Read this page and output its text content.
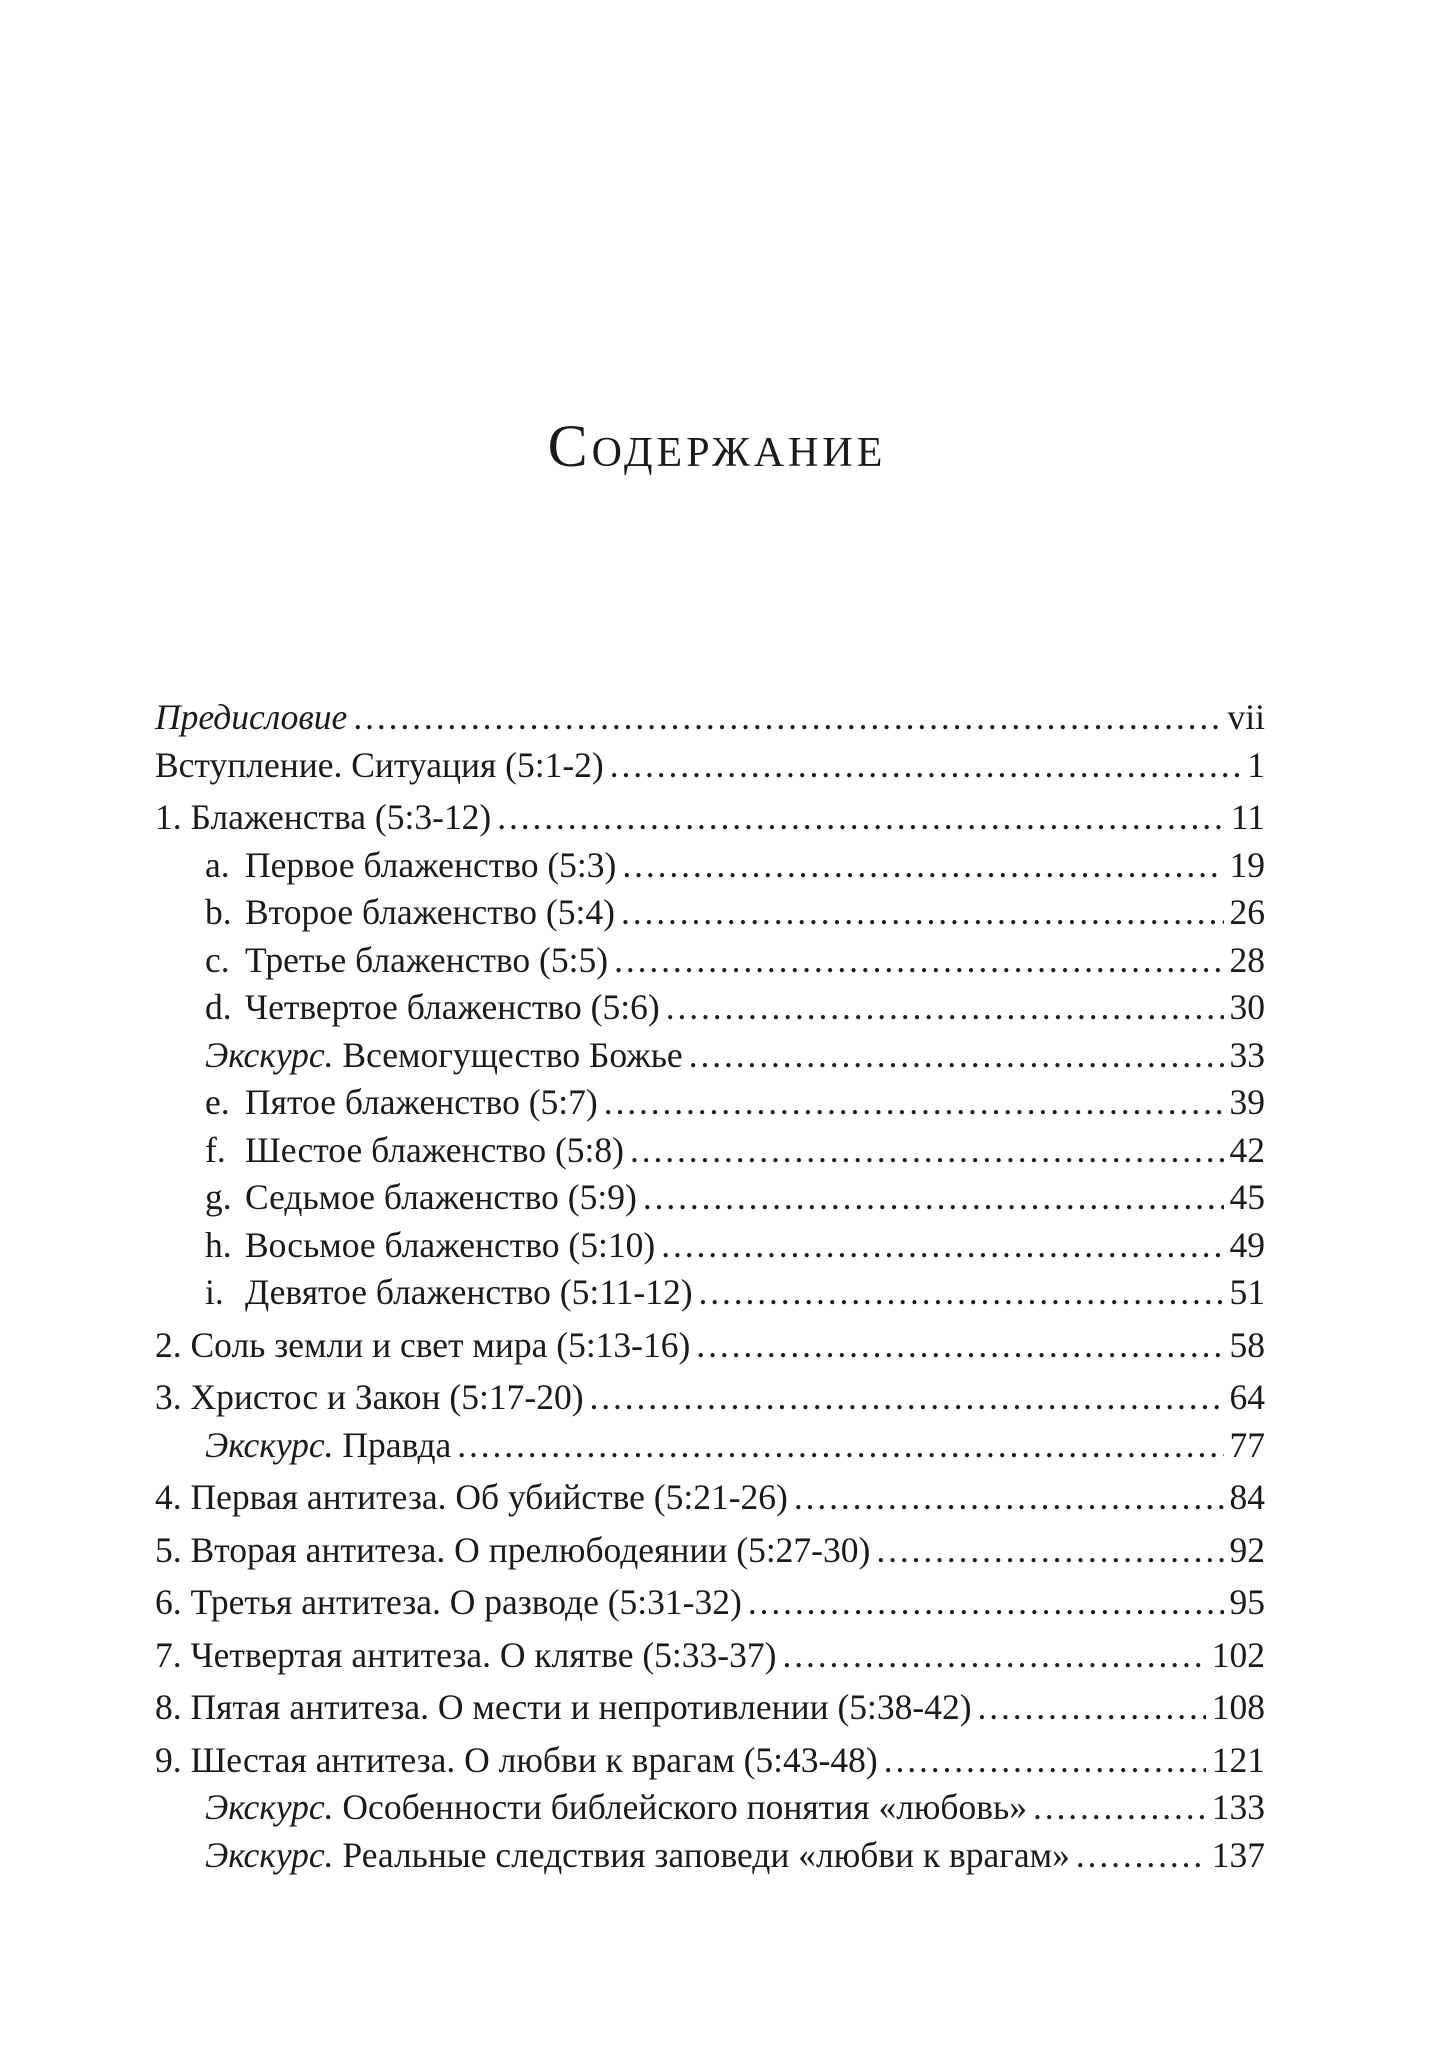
Содержание
Предисловие . . .	vii
Вступление. Ситуация (5:1-2) . . .	1
1. Блаженства (5:3-12) . . .	11
a. Первое блаженство (5:3) . . .	19
b. Второе блаженство (5:4) . . .	26
c. Третье блаженство (5:5) . . .	28
d. Четвертое блаженство (5:6) . . .	30
Экскурс. Всемогущество Божье . . .	33
e. Пятое блаженство (5:7) . . .	39
f. Шестое блаженство (5:8) . . .	42
g. Седьмое блаженство (5:9) . . .	45
h. Восьмое блаженство (5:10) . . .	49
i. Девятое блаженство (5:11-12) . . .	51
2. Соль земли и свет мира (5:13-16) . . .	58
3. Христос и Закон (5:17-20) . . .	64
Экскурс. Правда . . .	77
4. Первая антитеза. Об убийстве (5:21-26) . . .	84
5. Вторая антитеза. О прелюбодеянии (5:27-30) . . .	92
6. Третья антитеза. О разводе (5:31-32) . . .	95
7. Четвертая антитеза. О клятве (5:33-37) . . .	102
8. Пятая антитеза. О мести и непротивлении (5:38-42) . . .	108
9. Шестая антитеза. О любви к врагам (5:43-48) . . .	121
Экскурс. Особенности библейского понятия «любовь» . . .	133
Экскурс. Реальные следствия заповеди «любви к врагам» . . .	137
